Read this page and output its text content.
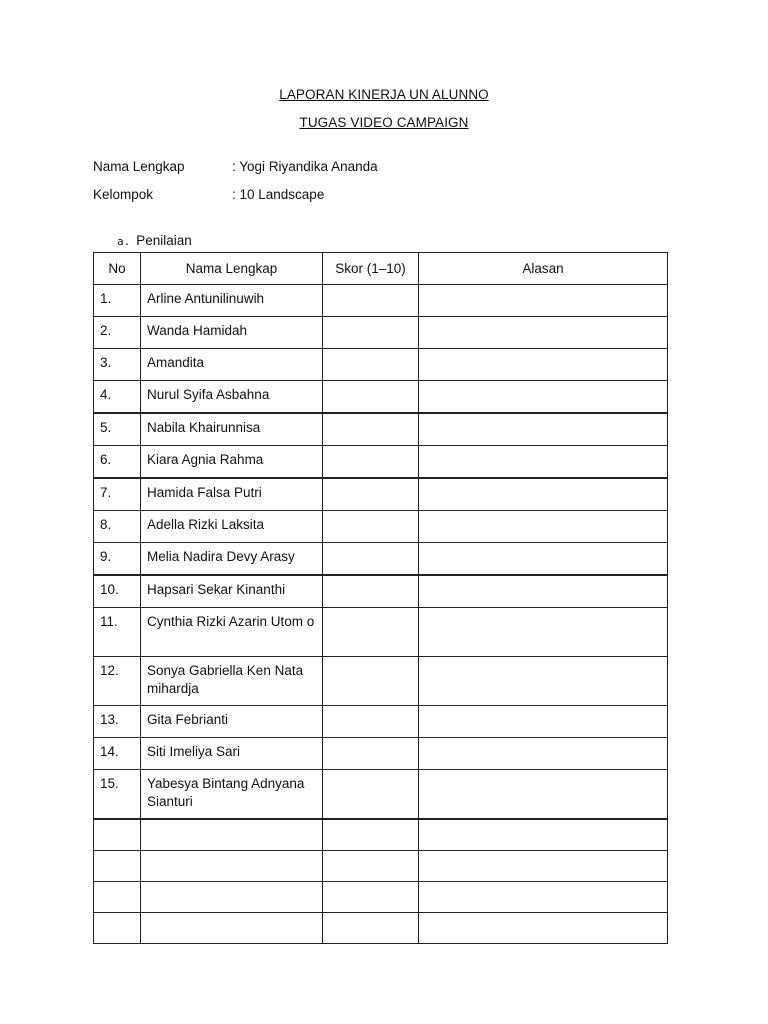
LAPORAN KINERJA UN ALUNNO
TUGAS VIDEO CAMPAIGN
Nama Lengkap	: Yogi Riyandika Ananda
Kelompok	: 10 Landscape
a. Penilaian
No	Nama Lengkap	Skor (1–10)	Alasan
1.	Arline Antunilinuwih		
2.	Wanda Hamidah		
3.	Amandita		
4.	Nurul Syifa Asbahna		
5.	Nabila Khairunnisa		
6.	Kiara Agnia Rahma		
7.	Hamida Falsa Putri		
8.	Adella Rizki Laksita		
9.	Melia Nadira Devy Arasy		
10.	Hapsari Sekar Kinanthi		
11.	Cynthia Rizki Azarin Utom o		
12.	Sonya Gabriella Ken Nata mihardja		
13.	Gita Febrianti		
14.	Siti Imeliya Sari		
15.	Yabesya Bintang Adnyana Sianturi		
